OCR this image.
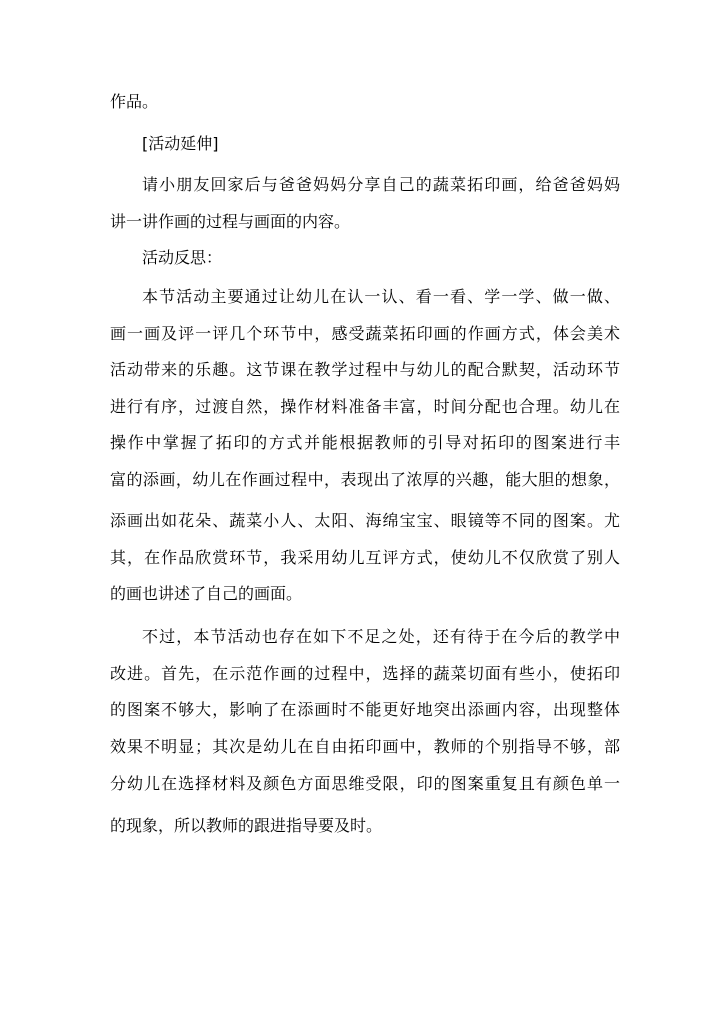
作品。
[活动延伸]
请小朋友回家后与爸爸妈妈分享自己的蔬菜拓印画，给爸爸妈妈
讲一讲作画的过程与画面的内容。
活动反思：
本节活动主要通过让幼儿在认一认、看一看、学一学、做一做、
画一画及评一评几个环节中，感受蔬菜拓印画的作画方式，体会美术
活动带来的乐趣。这节课在教学过程中与幼儿的配合默契，活动环节
进行有序，过渡自然，操作材料准备丰富，时间分配也合理。幼儿在
操作中掌握了拓印的方式并能根据教师的引导对拓印的图案进行丰
富的添画，幼儿在作画过程中，表现出了浓厚的兴趣，能大胆的想象，
添画出如花朵、蔬菜小人、太阳、海绵宝宝、眼镜等不同的图案。尤
其，在作品欣赏环节，我采用幼儿互评方式，使幼儿不仅欣赏了别人
的画也讲述了自己的画面。
不过，本节活动也存在如下不足之处，还有待于在今后的教学中
改进。首先，在示范作画的过程中，选择的蔬菜切面有些小，使拓印
的图案不够大，影响了在添画时不能更好地突出添画内容，出现整体
效果不明显；其次是幼儿在自由拓印画中，教师的个别指导不够，部
分幼儿在选择材料及颜色方面思维受限，印的图案重复且有颜色单一
的现象，所以教师的跟进指导要及时。
